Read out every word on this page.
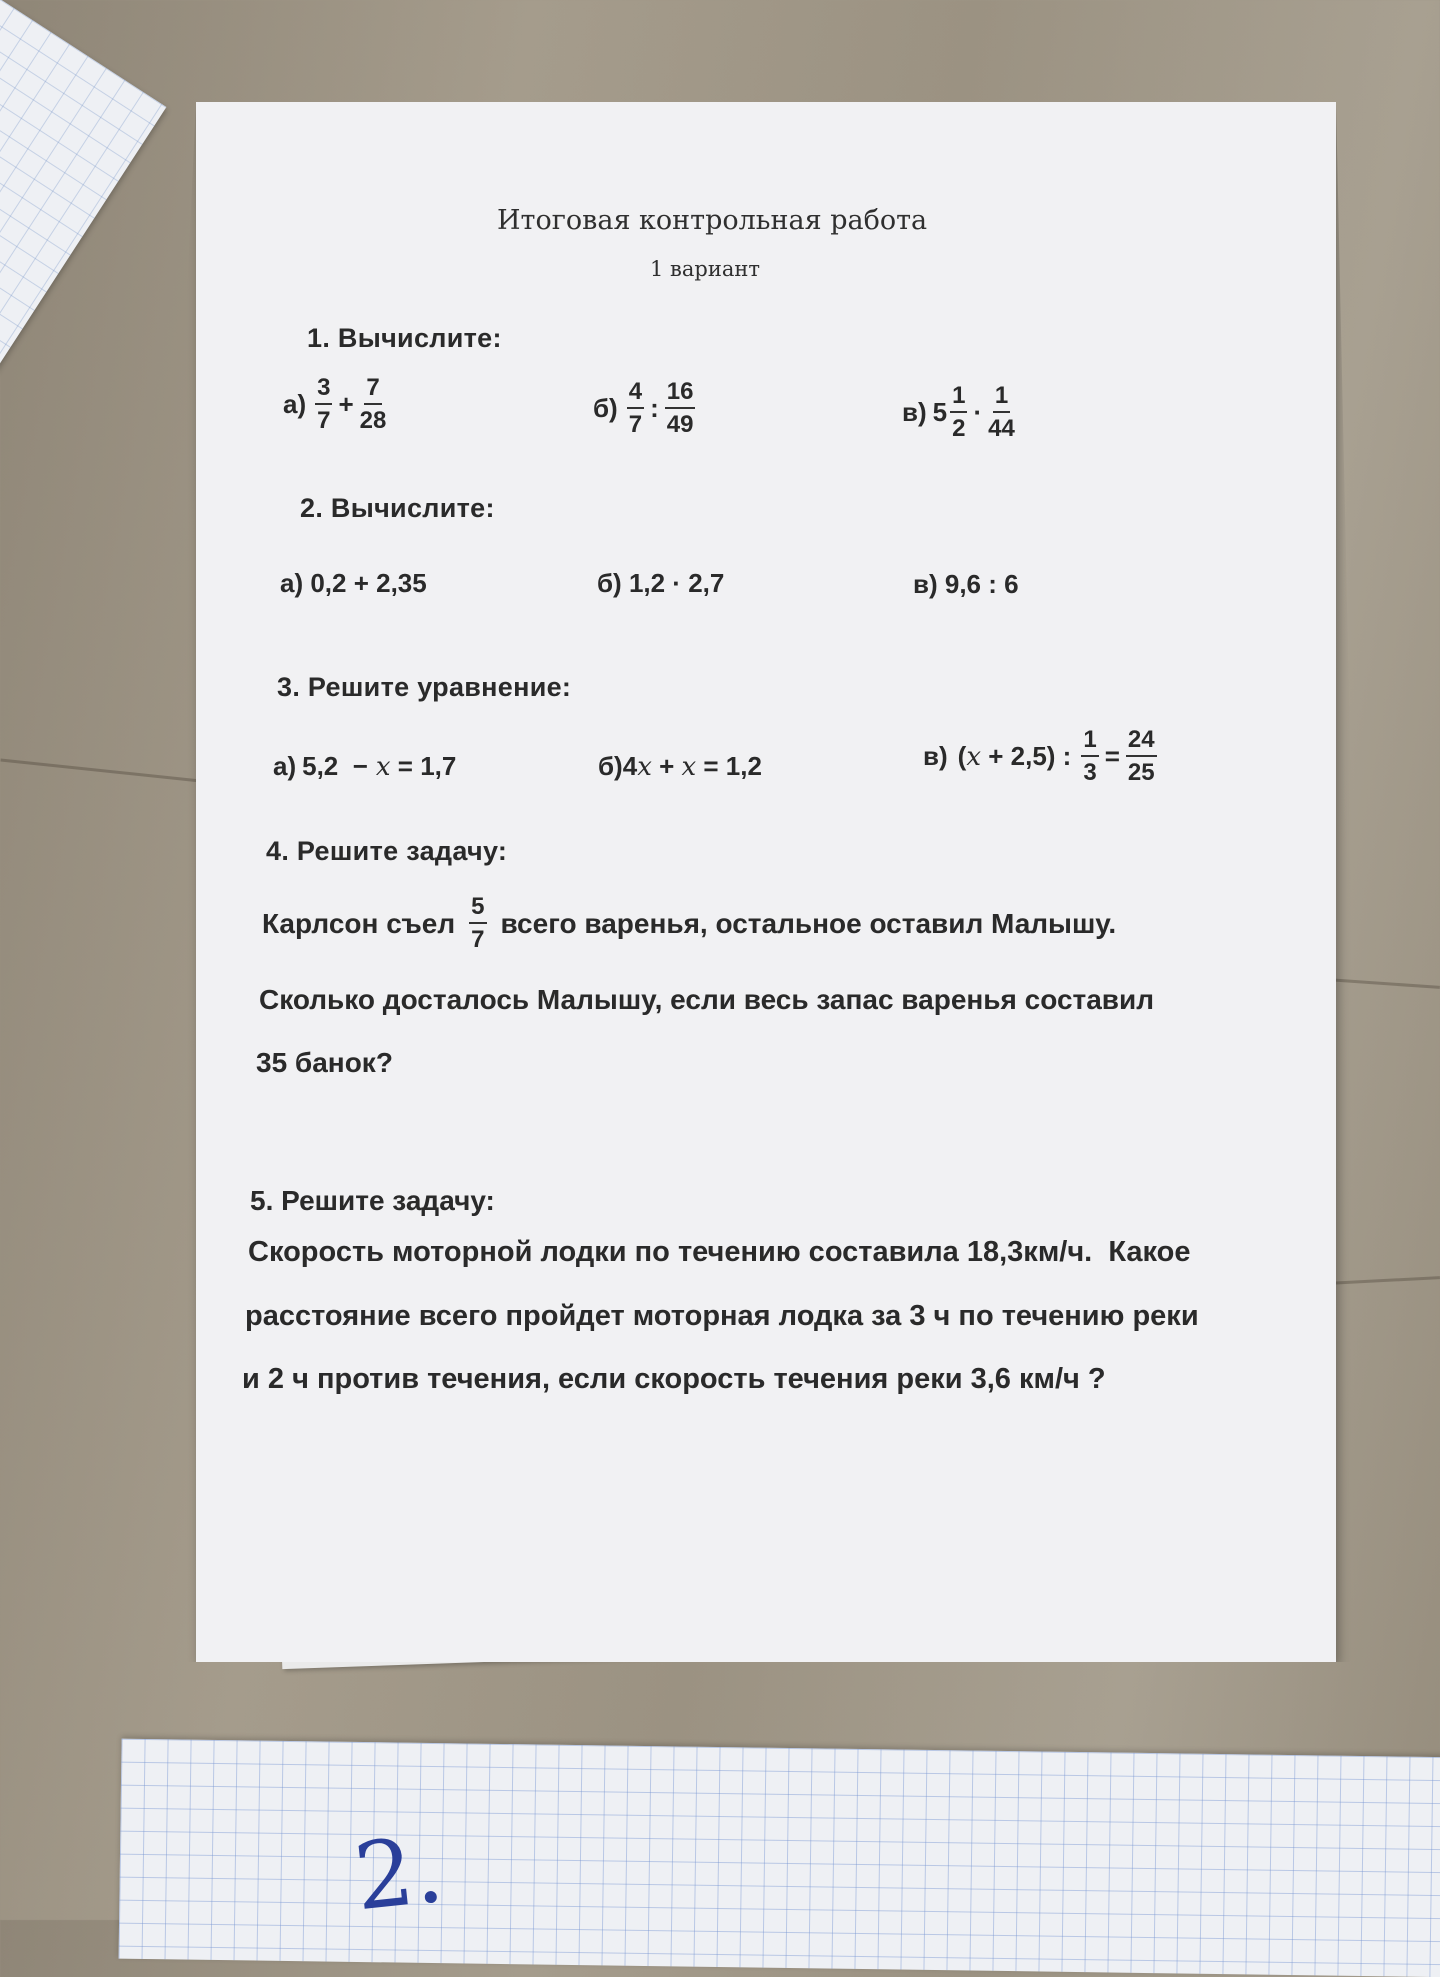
Итоговая контрольная работа
1 вариант
1. Вычислите:
$а) \frac{3}{7} + \frac{7}{28}$	$б) \frac{4}{7}$ : $\frac{16}{49}$	в) $5 \frac{1}{2} \cdot \frac{1}{44}$
2. Вычислите:
а) 0,2 + 2,35	б) 1,2 · 2,7	в) 9,6 : 6
3. Решите уравнение:
а) 5,2  − x = 1,7	б) 4 x + x = 1,2	в) ( x + 2,5) : $\frac{1}{3} = \frac{24}{25}$
4. Решите задачу:
Карлсон съел $\frac{5}{7}$ всего варенья, остальное оставил Малышу.
Сколько досталось Малышу, если весь запас варенья составил
35 банок?
5. Решите задачу:
Скорость моторной лодки по течению составила 18,3км/ч.  Какое
расстояние всего пройдет моторная лодка за 3 ч по течению реки
и 2 ч против течения, если скорость течения реки 3,6 км/ч ?
2.
